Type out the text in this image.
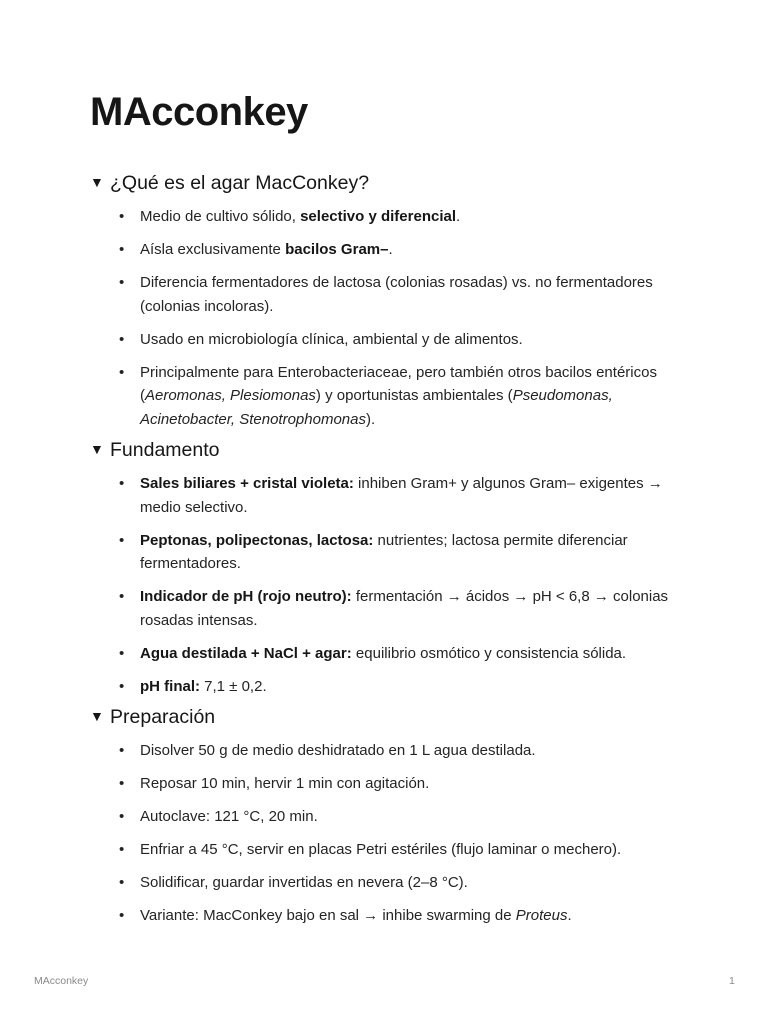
MAcconkey
▼ ¿Qué es el agar MacConkey?
• Medio de cultivo sólido, selectivo y diferencial.
• Aísla exclusivamente bacilos Gram–.
• Diferencia fermentadores de lactosa (colonias rosadas) vs. no fermentadores (colonias incoloras).
• Usado en microbiología clínica, ambiental y de alimentos.
• Principalmente para Enterobacteriaceae, pero también otros bacilos entéricos (Aeromonas, Plesiomonas) y oportunistas ambientales (Pseudomonas, Acinetobacter, Stenotrophomonas).
▼ Fundamento
• Sales biliares + cristal violeta: inhiben Gram+ y algunos Gram– exigentes → medio selectivo.
• Peptonas, polipectonas, lactosa: nutrientes; lactosa permite diferenciar fermentadores.
• Indicador de pH (rojo neutro): fermentación → ácidos → pH < 6,8 → colonias rosadas intensas.
• Agua destilada + NaCl + agar: equilibrio osmótico y consistencia sólida.
• pH final: 7,1 ± 0,2.
▼ Preparación
• Disolver 50 g de medio deshidratado en 1 L agua destilada.
• Reposar 10 min, hervir 1 min con agitación.
• Autoclave: 121 °C, 20 min.
• Enfriar a 45 °C, servir en placas Petri estériles (flujo laminar o mechero).
• Solidificar, guardar invertidas en nevera (2–8 °C).
• Variante: MacConkey bajo en sal → inhibe swarming de Proteus.
MAcconkey	1
